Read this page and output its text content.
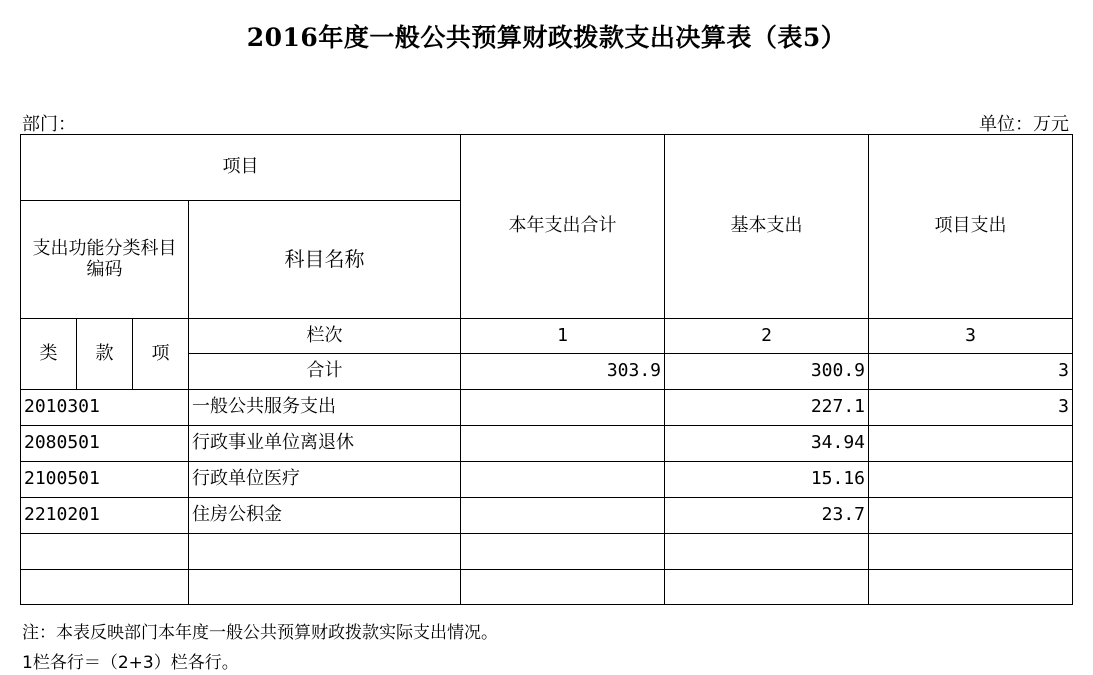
2016年度一般公共预算财政拨款支出决算表（表5）
部门：	单位：万元
项目				本年支出合计	基本支出	项目支出
支出功能分类科目编码			科目名称			
类	款	项	栏次	1	2	3
			合计	303.9	300.9	3
2010301			一般公共服务支出		227.1	3
2080501			行政事业单位离退休		34.94	
2100501			行政单位医疗		15.16	
2210201			住房公积金		23.7	

注：本表反映部门本年度一般公共预算财政拨款实际支出情况。
1栏各行＝（2+3）栏各行。
